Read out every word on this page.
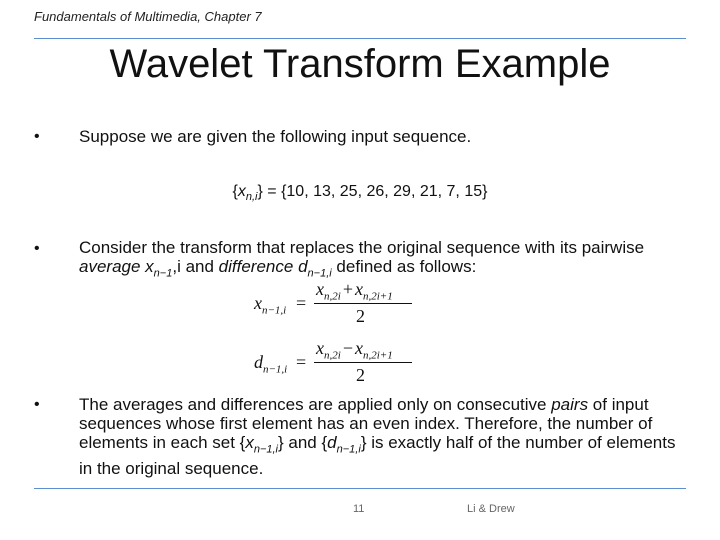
Fundamentals of Multimedia, Chapter 7
Wavelet Transform Example
• Suppose we are given the following input sequence.
$\{x_{n,i}\} = \{10$, 13, 25, 26, 29, 21, 7, 15}
• Consider the transform that replaces the original sequence with its pairwise average $x_{n-1},i$ and difference $d_{n-1,i}$ defined as follows:
$x_{n-1,i}$ =
$x_{n,2i} + x_{n,2i+1}$
2
$d_{n-1,i}$ =
$x_{n,2i} - x_{n,2i+1}$
2
• The averages and differences are applied only on consecutive pairs of input sequences whose first element has an even index. Therefore, the number of elements in each set $\{x_{n-1,i}\}$ and $\{d_{n-1,i}\}$ is exactly half of the number of elements in the original sequence.
11	Li & Drew
